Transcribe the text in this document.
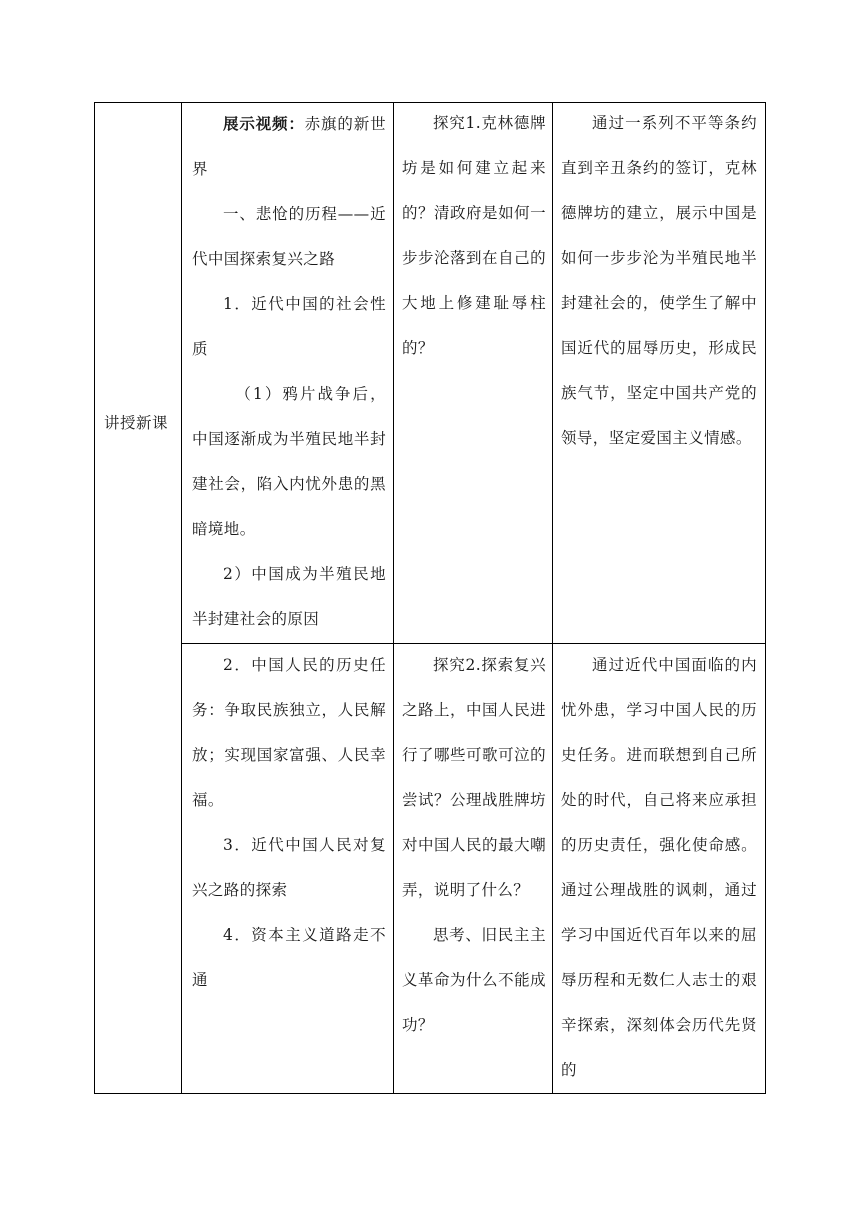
讲授新课

展示视频：赤旗的新世界

一、悲怆的历程——近代中国探索复兴之路

1．近代中国的社会性质

（1）鸦片战争后，中国逐渐成为半殖民地半封建社会，陷入内忧外患的黑暗境地。

2）中国成为半殖民地半封建社会的原因

探究1.克林德牌坊是如何建立起来的？清政府是如何一步步沦落到在自己的大地上修建耻辱柱的？

通过一系列不平等条约直到辛丑条约的签订，克林德牌坊的建立，展示中国是如何一步步沦为半殖民地半封建社会的，使学生了解中国近代的屈辱历史，形成民族气节，坚定中国共产党的领导，坚定爱国主义情感。

2．中国人民的历史任务：争取民族独立，人民解放；实现国家富强、人民幸福。

3．近代中国人民对复兴之路的探索

4．资本主义道路走不通

探究2.探索复兴之路上，中国人民进行了哪些可歌可泣的尝试？公理战胜牌坊对中国人民的最大嘲弄，说明了什么？

思考、旧民主主义革命为什么不能成功？

通过近代中国面临的内忧外患，学习中国人民的历史任务。进而联想到自己所处的时代，自己将来应承担的历史责任，强化使命感。通过公理战胜的讽刺，通过学习中国近代百年以来的屈辱历程和无数仁人志士的艰辛探索，深刻体会历代先贤的
